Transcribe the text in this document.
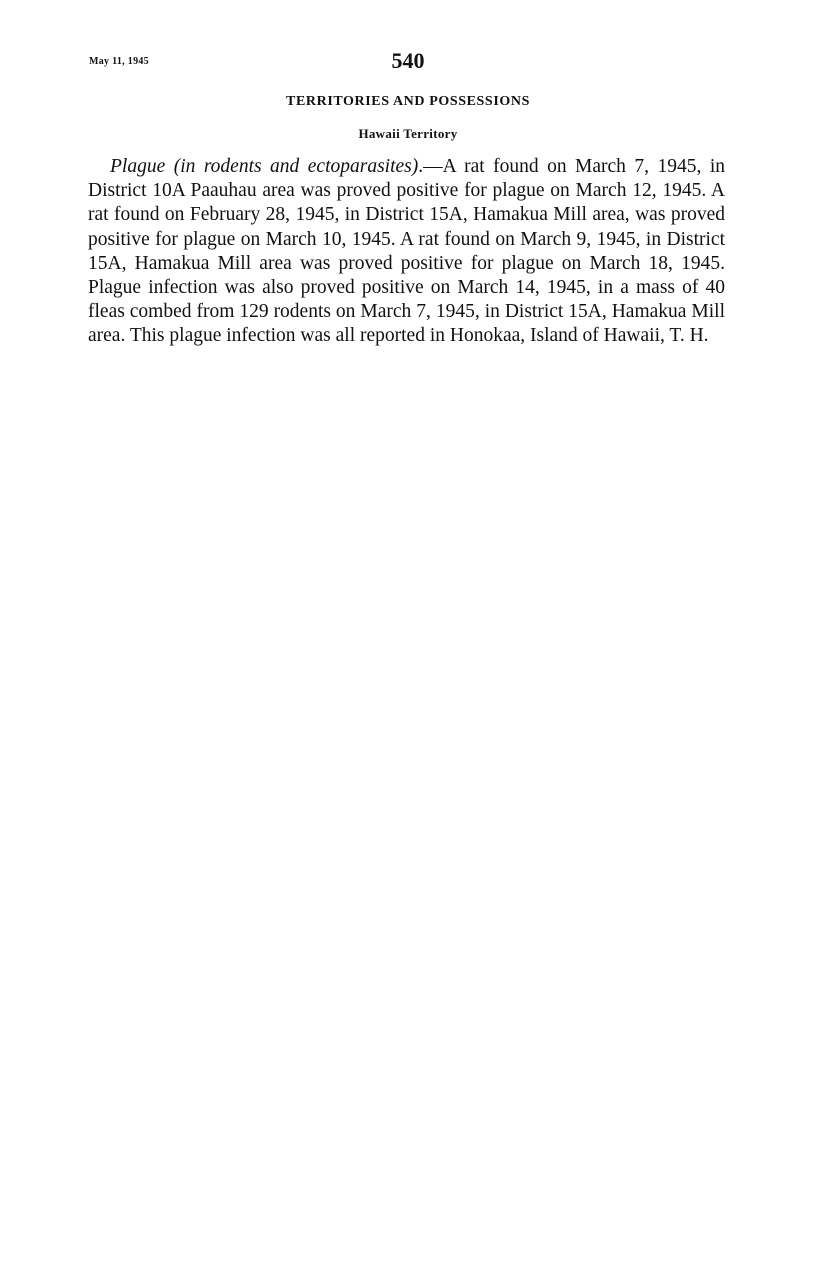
May 11, 1945	540
TERRITORIES AND POSSESSIONS
Hawaii Territory

Plague (in rodents and ectoparasites).—A rat found on March 7, 1945, in District 10A Paauhau area was proved positive for plague on March 12, 1945. A rat found on February 28, 1945, in District 15A, Hamakua Mill area, was proved positive for plague on March 10, 1945. A rat found on March 9, 1945, in District 15A, Hamakua Mill area was proved positive for plague on March 18, 1945. Plague infection was also proved positive on March 14, 1945, in a mass of 40 fleas combed from 129 rodents on March 7, 1945, in District 15A, Hamakua Mill area. This plague infection was all reported in Honokaa, Island of Hawaii, T. H.
